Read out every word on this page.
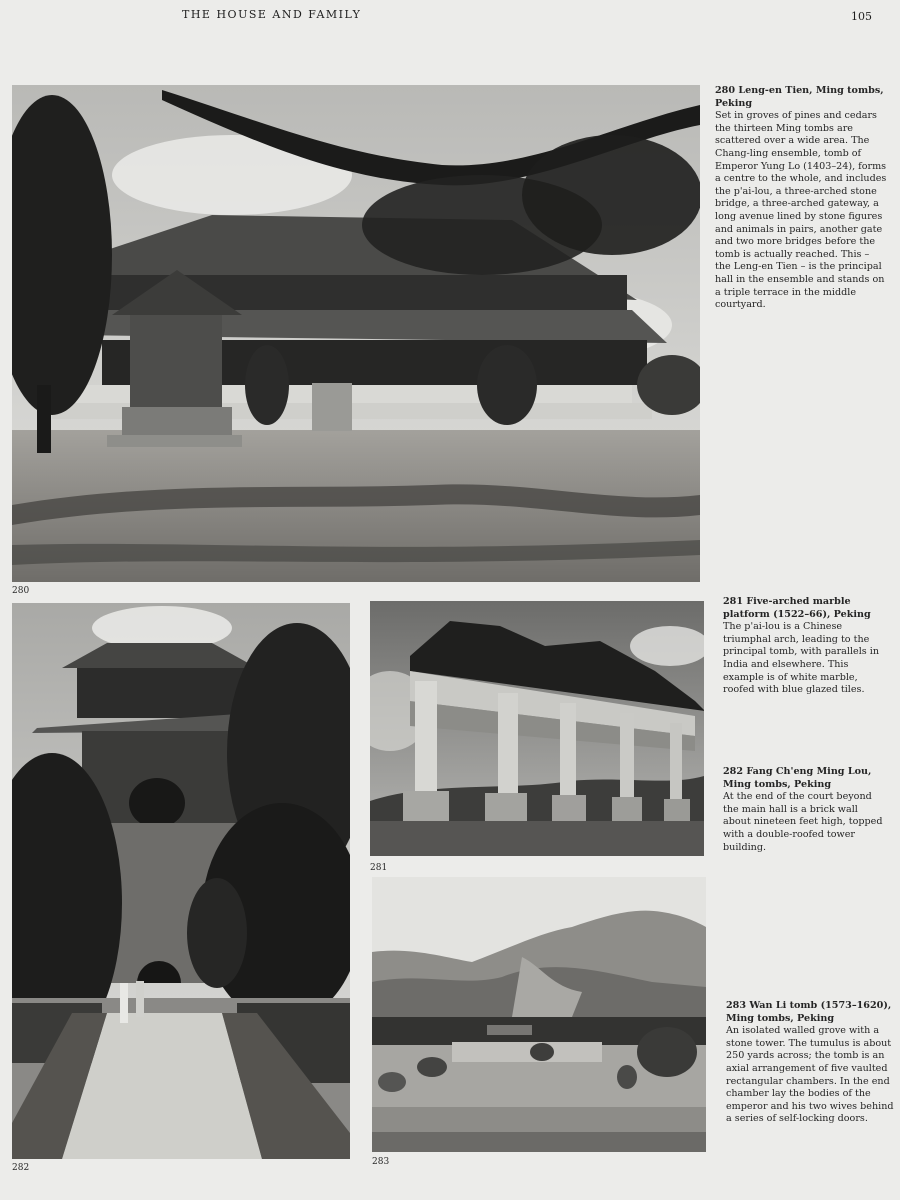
THE HOUSE AND FAMILY	105
280
282
281
283
280 Leng-en Tien, Ming tombs, Peking
Set in groves of pines and cedars the thirteen Ming tombs are scattered over a wide area. The Chang-ling ensemble, tomb of Emperor Yung Lo (1403–24), forms a centre to the whole, and includes the p'ai-lou, a three-arched stone bridge, a three-arched gateway, a long avenue lined by stone figures and animals in pairs, another gate and two more bridges before the tomb is actually reached. This – the Leng-en Tien – is the principal hall in the ensemble and stands on a triple terrace in the middle courtyard.
281 Five-arched marble platform (1522–66), Peking
The p'ai-lou is a Chinese triumphal arch, leading to the principal tomb, with parallels in India and elsewhere. This example is of white marble, roofed with blue glazed tiles.
282 Fang Ch'eng Ming Lou, Ming tombs, Peking
At the end of the court beyond the main hall is a brick wall about nineteen feet high, topped with a double-roofed tower building.
283 Wan Li tomb (1573–1620), Ming tombs, Peking
An isolated walled grove with a stone tower. The tumulus is about 250 yards across; the tomb is an axial arrangement of five vaulted rectangular chambers. In the end chamber lay the bodies of the emperor and his two wives behind a series of self-locking doors.
